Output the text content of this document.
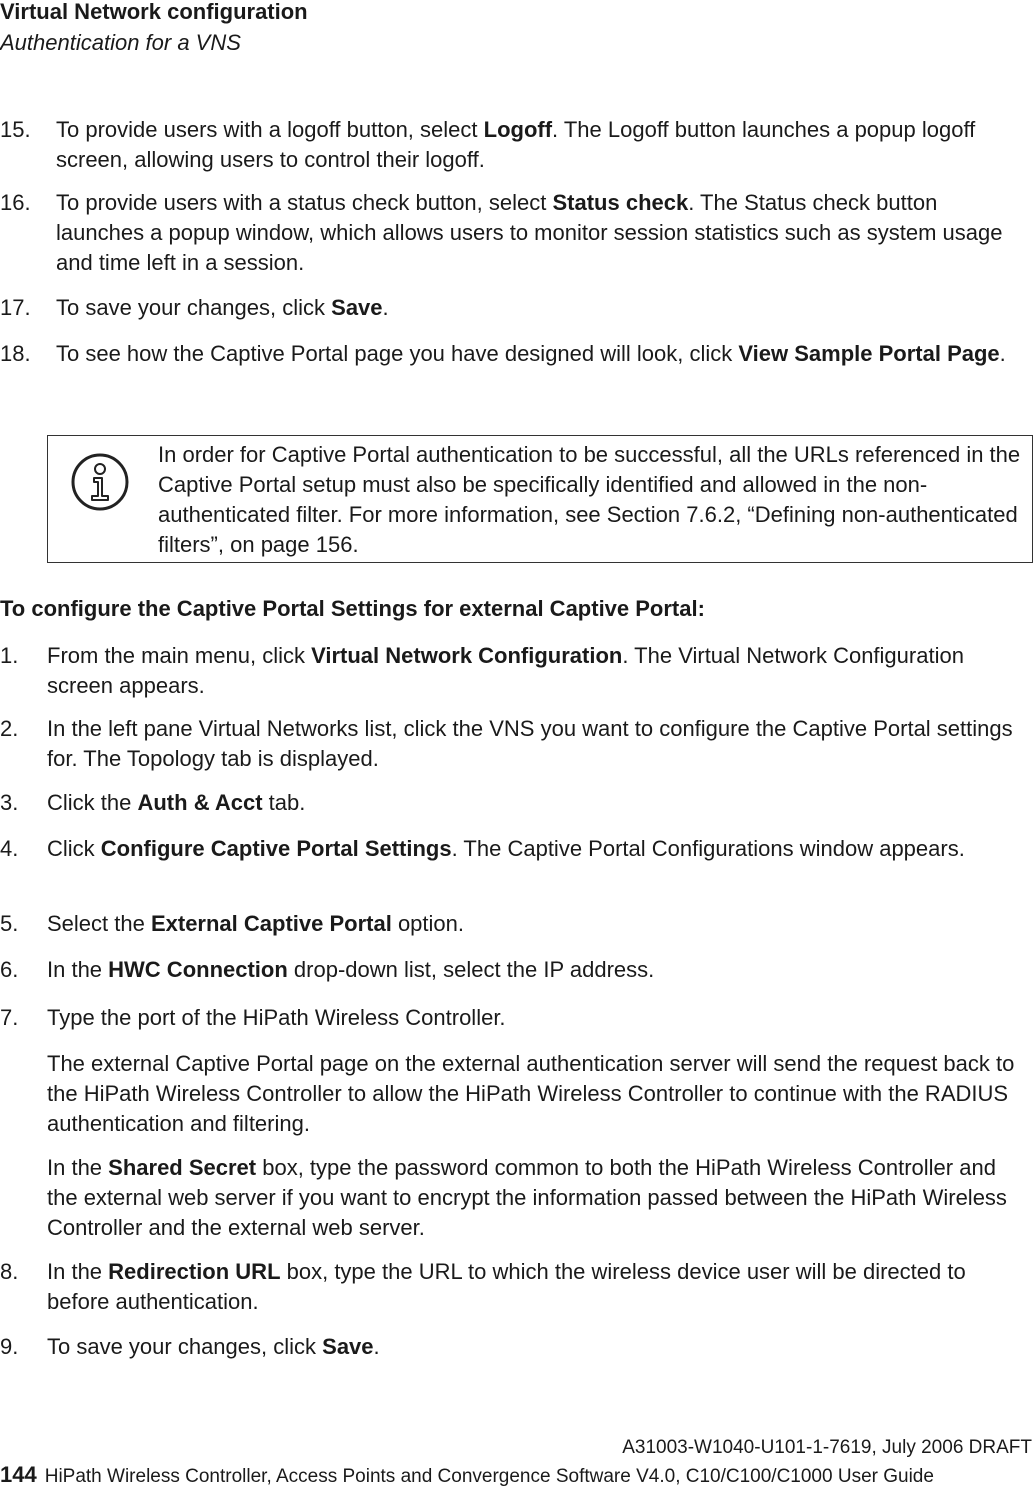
Virtual Network configuration
Authentication for a VNS
15. To provide users with a logoff button, select Logoff. The Logoff button launches a popup logoff screen, allowing users to control their logoff.
16. To provide users with a status check button, select Status check. The Status check button launches a popup window, which allows users to monitor session statistics such as system usage and time left in a session.
17. To save your changes, click Save.
18. To see how the Captive Portal page you have designed will look, click View Sample Portal Page.
In order for Captive Portal authentication to be successful, all the URLs referenced in the Captive Portal setup must also be specifically identified and allowed in the non-authenticated filter. For more information, see Section 7.6.2, “Defining non-authenticated filters”, on page 156.
To configure the Captive Portal Settings for external Captive Portal:
1. From the main menu, click Virtual Network Configuration. The Virtual Network Configuration screen appears.
2. In the left pane Virtual Networks list, click the VNS you want to configure the Captive Portal settings for. The Topology tab is displayed.
3. Click the Auth & Acct tab.
4. Click Configure Captive Portal Settings. The Captive Portal Configurations window appears.
5. Select the External Captive Portal option.
6. In the HWC Connection drop-down list, select the IP address.
7. Type the port of the HiPath Wireless Controller.
The external Captive Portal page on the external authentication server will send the request back to the HiPath Wireless Controller to allow the HiPath Wireless Controller to continue with the RADIUS authentication and filtering.
In the Shared Secret box, type the password common to both the HiPath Wireless Controller and the external web server if you want to encrypt the information passed between the HiPath Wireless Controller and the external web server.
8. In the Redirection URL box, type the URL to which the wireless device user will be directed to before authentication.
9. To save your changes, click Save.
A31003-W1040-U101-1-7619, July 2006 DRAFT
144 HiPath Wireless Controller, Access Points and Convergence Software V4.0, C10/C100/C1000 User Guide
